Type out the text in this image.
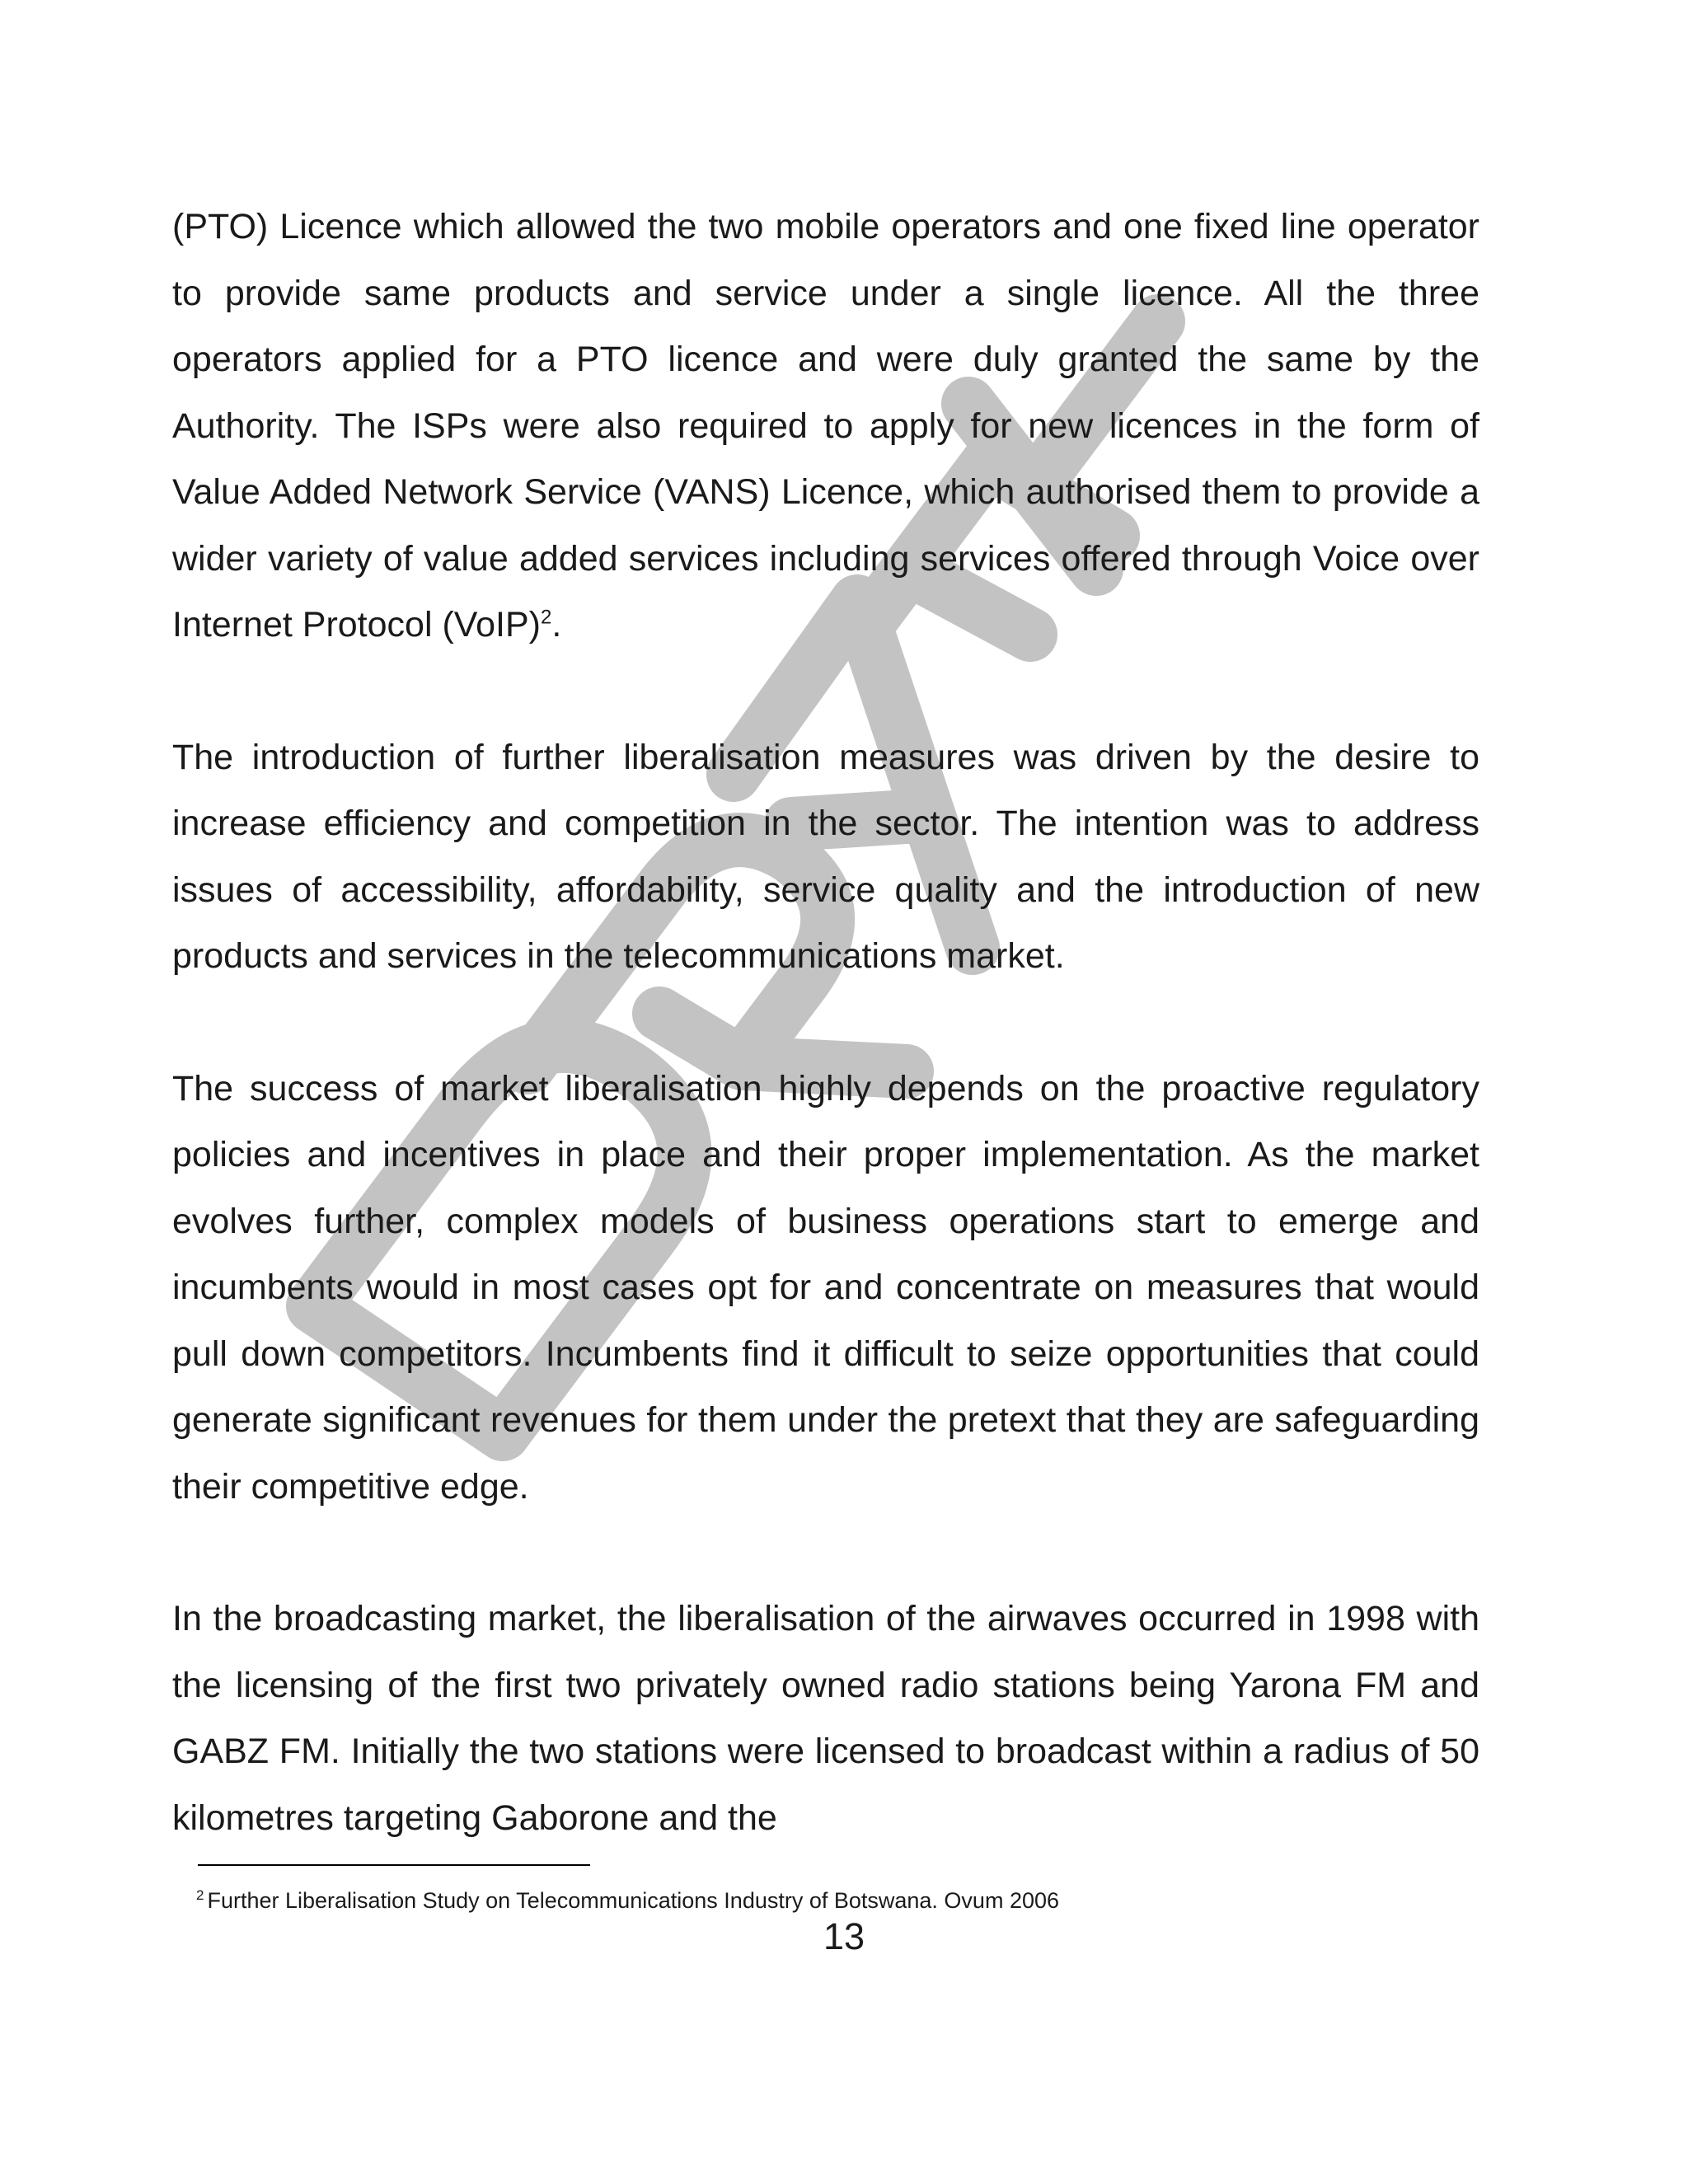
(PTO) Licence which allowed the two mobile operators and one fixed line operator to provide same products and service under a single licence. All the three operators applied for a PTO licence and were duly granted the same by the Authority. The ISPs were also required to apply for new licences in the form of Value Added Network Service (VANS) Licence, which authorised them to provide a wider variety of value added services including services offered through Voice over Internet Protocol (VoIP)$^2$.

The introduction of further liberalisation measures was driven by the desire to increase efficiency and competition in the sector. The intention was to address issues of accessibility, affordability, service quality and the introduction of new products and services in the telecommunications market.

The success of market liberalisation highly depends on the proactive regulatory policies and incentives in place and their proper implementation. As the market evolves further, complex models of business operations start to emerge and incumbents would in most cases opt for and concentrate on measures that would pull down competitors. Incumbents find it difficult to seize opportunities that could generate significant revenues for them under the pretext that they are safeguarding their competitive edge.

In the broadcasting market, the liberalisation of the airwaves occurred in 1998 with the licensing of the first two privately owned radio stations being Yarona FM and GABZ FM. Initially the two stations were licensed to broadcast within a radius of 50 kilometres targeting Gaborone and the

$^2$ Further Liberalisation Study on Telecommunications Industry of Botswana. Ovum 2006
13
